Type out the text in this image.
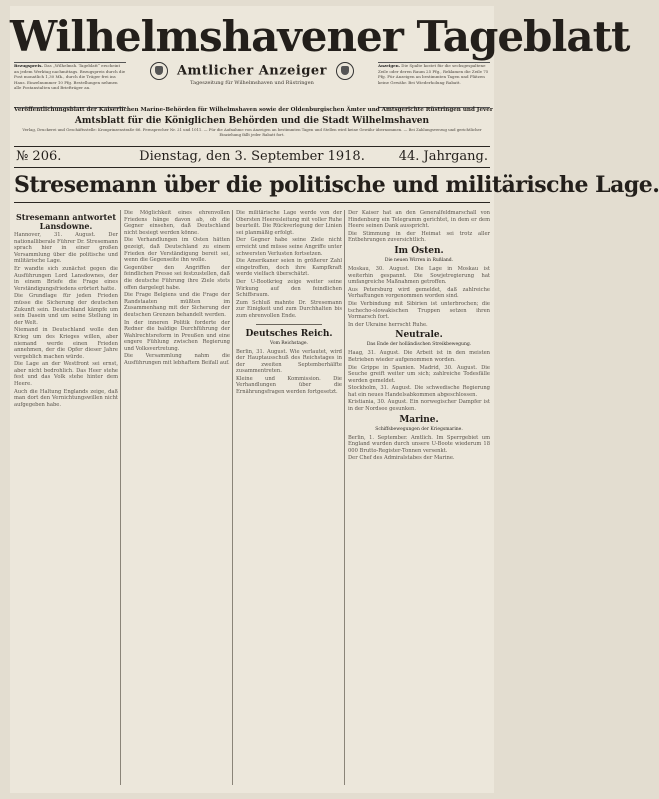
Wilhelmshavener Tageblatt
Bezugspreis. Das „Wilhelmsh. Tageblatt“ erscheint an jedem Werktag nachmittags. Bezugspreis durch die Post monatlich 1,30 Mk., durch die Träger frei ins Haus. Einzelnummer 10 Pfg. Bestellungen nehmen alle Postanstalten und Briefträger an.
Amtlicher Anzeiger
Tageszeitung für Wilhelmshaven und Rüstringen
Anzeigen. Die Spalte kostet für die sechsgespaltene Zeile oder deren Raum 25 Pfg., Reklamen die Zeile 75 Pfg. Für Anzeigen an bestimmten Tagen und Plätzen keine Gewähr. Bei Wiederholung Rabatt.
Veröffentlichungsblatt der Kaiserlichen Marine-Behörden für Wilhelmshaven sowie der Oldenburgischen Ämter und Amtsgerichte Rüstringen und Jever
Amtsblatt für die Königlichen Behörden und die Stadt Wilhelmshaven
Verlag, Druckerei und Geschäftsstelle: Kronprinzenstraße 66. Fernsprecher Nr. 21 und 1011. — Für die Aufnahme von Anzeigen an bestimmten Tagen und Stellen wird keine Gewähr übernommen. — Bei Zahlungsverzug und gerichtlicher Einziehung fällt jeder Rabatt fort.
№ 206.	Dienstag, den 3. September 1918.	44. Jahrgang.
Stresemann über die politische und militärische Lage.
Stresemann antwortet Lansdowne.

Hannover, 31. August. Der nationalliberale Führer Dr. Stresemann sprach hier in einer großen Versammlung über die politische und militärische Lage.

Er wandte sich zunächst gegen die Ausführungen Lord Lansdownes, der in einem Briefe die Frage eines Verständigungsfriedens erörtert hatte.

Die Grundlage für jeden Frieden müsse die Sicherung der deutschen Zukunft sein. Deutschland kämpfe um sein Dasein und um seine Stellung in der Welt.

Niemand in Deutschland wolle den Krieg um des Krieges willen, aber niemand werde einen Frieden annehmen, der die Opfer dieser Jahre vergeblich machen würde.

Die Lage an der Westfront sei ernst, aber nicht bedrohlich. Das Heer stehe fest und das Volk stehe hinter dem Heere.

Auch die Haltung Englands zeige, daß man dort den Vernichtungswillen nicht aufgegeben habe.

Die Möglichkeit eines ehrenvollen Friedens hänge davon ab, ob die Gegner einsehen, daß Deutschland nicht besiegt werden könne.

Die Verhandlungen im Osten hätten gezeigt, daß Deutschland zu einem Frieden der Verständigung bereit sei, wenn die Gegenseite ihn wolle.

Gegenüber den Angriffen der feindlichen Presse sei festzustellen, daß die deutsche Führung ihre Ziele stets offen dargelegt habe.

Die Frage Belgiens und die Frage der Randstaaten müßten im Zusammenhang mit der Sicherung der deutschen Grenzen behandelt werden.

In der inneren Politik forderte der Redner die baldige Durchführung der Wahlrechtsreform in Preußen und eine engere Fühlung zwischen Regierung und Volksvertretung.

Die Versammlung nahm die Ausführungen mit lebhaftem Beifall auf.

Die militärische Lage werde von der Obersten Heeresleitung mit voller Ruhe beurteilt. Die Rückverlegung der Linien sei planmäßig erfolgt.

Der Gegner habe seine Ziele nicht erreicht und müsse seine Angriffe unter schwersten Verlusten fortsetzen.

Die Amerikaner seien in größerer Zahl eingetroffen, doch ihre Kampfkraft werde vielfach überschätzt.

Der U-Bootkrieg zeige weiter seine Wirkung auf den feindlichen Schiffsraum.

Zum Schluß mahnte Dr. Stresemann zur Einigkeit und zum Durchhalten bis zum ehrenvollen Ende.

Deutsches Reich.
Vom Reichstage.

Berlin, 31. August. Wie verlautet, wird der Hauptausschuß des Reichstages in der zweiten Septemberhälfte zusammentreten.

Kleine und Kommission. Die Verhandlungen über die Ernährungsfragen werden fortgesetzt.

Der Kaiser hat an den Generalfeldmarschall von Hindenburg ein Telegramm gerichtet, in dem er dem Heere seinen Dank ausspricht.

Die Stimmung in der Heimat sei trotz aller Entbehrungen zuversichtlich.

Im Osten.
Die neuen Wirren in Rußland.

Moskau, 30. August. Die Lage in Moskau ist weiterhin gespannt. Die Sowjetregierung hat umfangreiche Maßnahmen getroffen.

Aus Petersburg wird gemeldet, daß zahlreiche Verhaftungen vorgenommen worden sind.

Die Verbindung mit Sibirien ist unterbrochen; die tschecho-slowakischen Truppen setzen ihren Vormarsch fort.

In der Ukraine herrscht Ruhe.

Neutrale.
Das Ende der holländischen Streikbewegung.

Haag, 31. August. Die Arbeit ist in den meisten Betrieben wieder aufgenommen worden.

Die Grippe in Spanien. Madrid, 30. August. Die Seuche greift weiter um sich; zahlreiche Todesfälle werden gemeldet.

Stockholm, 31. August. Die schwedische Regierung hat ein neues Handelsabkommen abgeschlossen.

Kristiania, 30. August. Ein norwegischer Dampfer ist in der Nordsee gesunken.

Marine.
Schiffsbewegungen der Kriegsmarine.

Berlin, 1. September. Amtlich. Im Sperrgebiet um England wurden durch unsere U-Boote wiederum 18 000 Brutto-Register-Tonnen versenkt.

Der Chef des Admiralstabes der Marine.
